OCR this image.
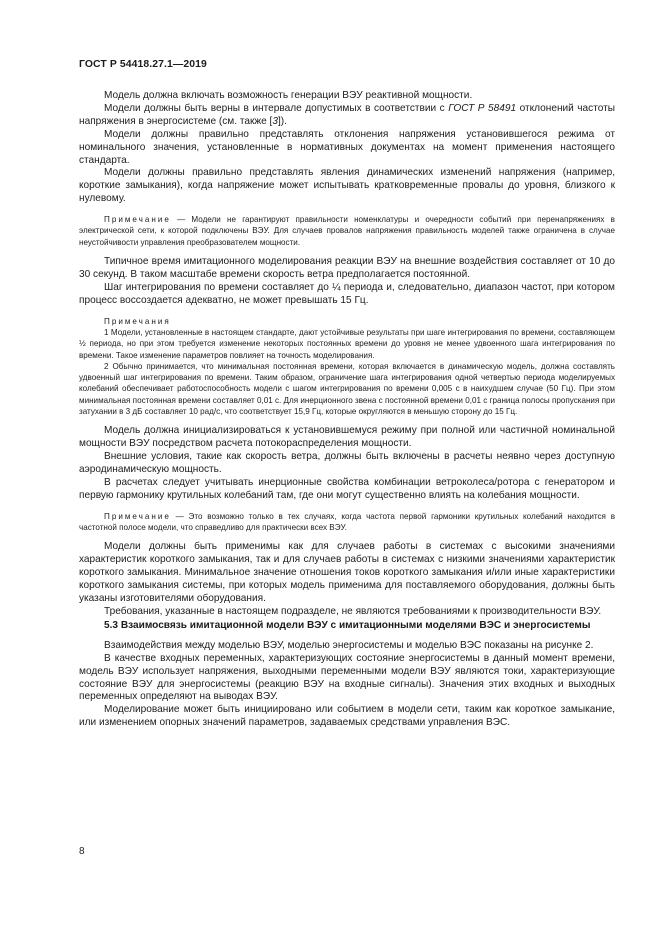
ГОСТ Р 54418.27.1—2019

Модель должна включать возможность генерации ВЭУ реактивной мощности.

Модели должны быть верны в интервале допустимых в соответствии с ГОСТ Р 58491 отклонений частоты напряжения в энергосистеме (см. также [3]).

Модели должны правильно представлять отклонения напряжения установившегося режима от номинального значения, установленные в нормативных документах на момент применения настоящего стандарта.

Модели должны правильно представлять явления динамических изменений напряжения (например, короткие замыкания), когда напряжение может испытывать кратковременные провалы до уровня, близкого к нулевому.

Примечание — Модели не гарантируют правильности номенклатуры и очередности событий при перенапряжениях в электрической сети, к которой подключены ВЭУ. Для случаев провалов напряжения правильность моделей также ограничена в случае неустойчивости управления преобразователем мощности.

Типичное время имитационного моделирования реакции ВЭУ на внешние воздействия составляет от 10 до 30 секунд. В таком масштабе времени скорость ветра предполагается постоянной.

Шаг интегрирования по времени составляет до ¼ периода и, следовательно, диапазон частот, при котором процесс воссоздается адекватно, не может превышать 15 Гц.

Примечания

1 Модели, установленные в настоящем стандарте, дают устойчивые результаты при шаге интегрирования по времени, составляющем ½ периода, но при этом требуется изменение некоторых постоянных времени до уровня не менее удвоенного шага интегрирования по времени. Такое изменение параметров повлияет на точность моделирования.

2 Обычно принимается, что минимальная постоянная времени, которая включается в динамическую модель, должна составлять удвоенный шаг интегрирования по времени. Таким образом, ограничение шага интегрирования одной четвертью периода моделируемых колебаний обеспечивает работоспособность модели с шагом интегрирования по времени 0,005 с в наихудшем случае (50 Гц). При этом минимальная постоянная времени составляет 0,01 с. Для инерционного звена с постоянной времени 0,01 с граница полосы пропускания при затухании в 3 дБ составляет 10 рад/с, что соответствует 15,9 Гц, которые округляются в меньшую сторону до 15 Гц.

Модель должна инициализироваться к установившемуся режиму при полной или частичной номинальной мощности ВЭУ посредством расчета потокораспределения мощности.

Внешние условия, такие как скорость ветра, должны быть включены в расчеты неявно через доступную аэродинамическую мощность.

В расчетах следует учитывать инерционные свойства комбинации ветроколеса/ротора с генератором и первую гармонику крутильных колебаний там, где они могут существенно влиять на колебания мощности.

Примечание — Это возможно только в тех случаях, когда частота первой гармоники крутильных колебаний находится в частотной полосе модели, что справедливо для практически всех ВЭУ.

Модели должны быть применимы как для случаев работы в системах с высокими значениями характеристик короткого замыкания, так и для случаев работы в системах с низкими значениями характеристик короткого замыкания. Минимальное значение отношения токов короткого замыкания и/или иные характеристики короткого замыкания системы, при которых модель применима для поставляемого оборудования, должны быть указаны изготовителями оборудования.

Требования, указанные в настоящем подразделе, не являются требованиями к производительности ВЭУ.

5.3 Взаимосвязь имитационной модели ВЭУ с имитационными моделями ВЭС и энергосистемы

Взаимодействия между моделью ВЭУ, моделью энергосистемы и моделью ВЭС показаны на рисунке 2.

В качестве входных переменных, характеризующих состояние энергосистемы в данный момент времени, модель ВЭУ использует напряжения, выходными переменными модели ВЭУ являются токи, характеризующие состояние ВЭУ для энергосистемы (реакцию ВЭУ на входные сигналы). Значения этих входных и выходных переменных определяют на выводах ВЭУ.

Моделирование может быть инициировано или событием в модели сети, таким как короткое замыкание, или изменением опорных значений параметров, задаваемых средствами управления ВЭС.

8
